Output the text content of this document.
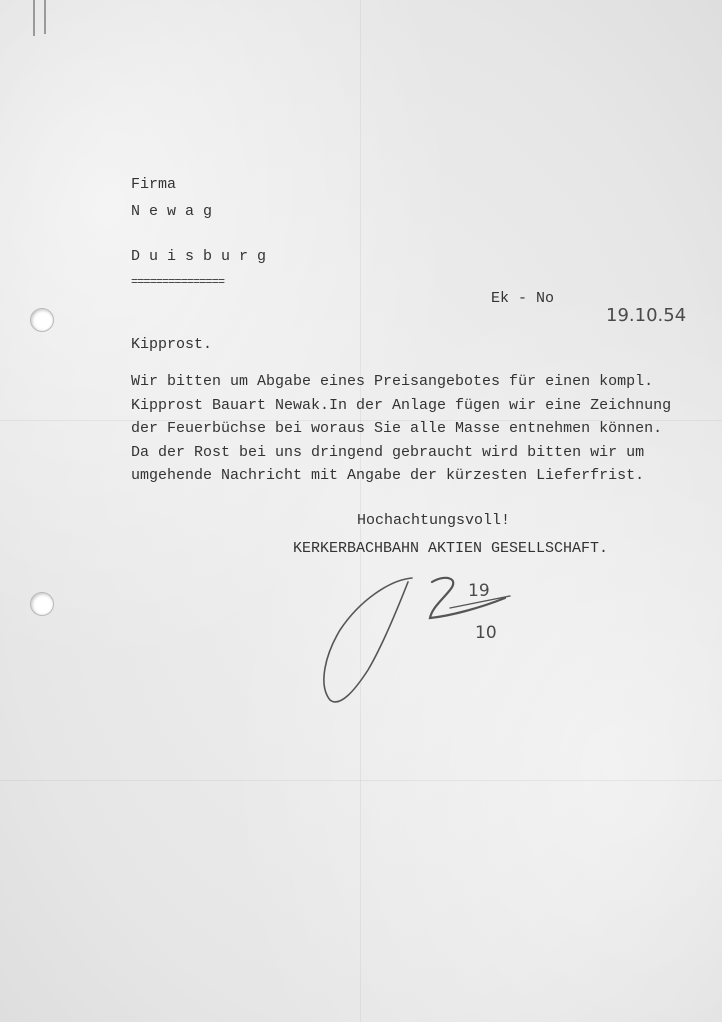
Firma

N e w a g

D u i s b u r g

===============

Ek - No

19.10.54

Kipprost.

Wir bitten um Abgabe eines Preisangebotes für einen kompl.
Kipprost Bauart Newak.In der Anlage fügen wir eine Zeichnung
der Feuerbüchse bei woraus Sie alle Masse entnehmen können.
Da der Rost bei uns dringend gebraucht wird bitten wir um
umgehende Nachricht mit Angabe der kürzesten Lieferfrist.

Hochachtungsvoll!

KERKERBACHBAHN AKTIEN GESELLSCHAFT.

19
10
